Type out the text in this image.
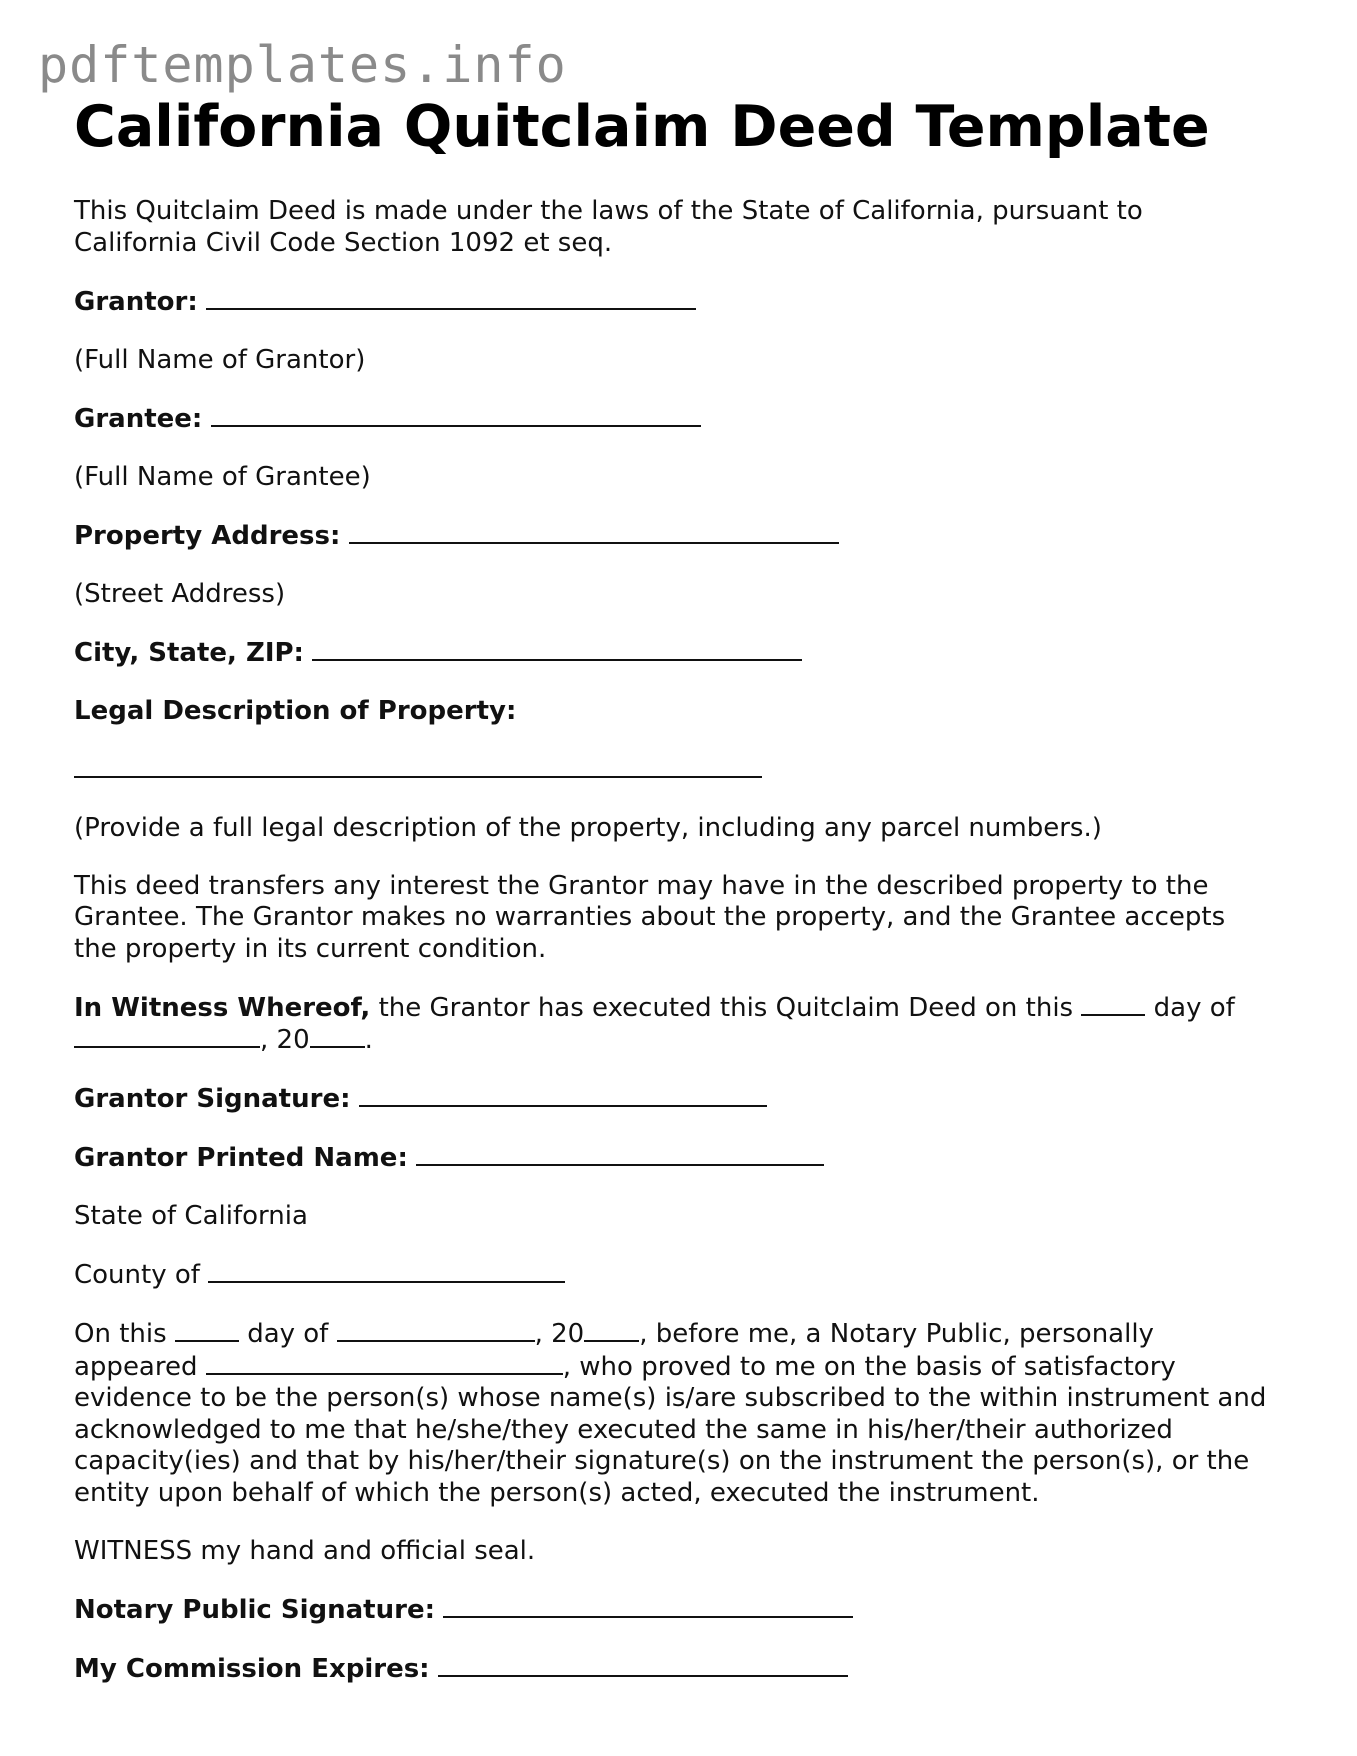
pdftemplates.info
California Quitclaim Deed Template

This Quitclaim Deed is made under the laws of the State of California, pursuant to California Civil Code Section 1092 et seq.

Grantor:

(Full Name of Grantor)

Grantee:

(Full Name of Grantee)

Property Address:

(Street Address)

City, State, ZIP:

Legal Description of Property:

(Provide a full legal description of the property, including any parcel numbers.)

This deed transfers any interest the Grantor may have in the described property to the Grantee. The Grantor makes no warranties about the property, and the Grantee accepts the property in its current condition.

In Witness Whereof, the Grantor has executed this Quitclaim Deed on this	day of
, 20 .

Grantor Signature:

Grantor Printed Name:

State of California

County of

On this	day of	, 20 , before me, a Notary Public, personally appeared	, who proved to me on the basis of satisfactory evidence to be the person(s) whose name(s) is/are subscribed to the within instrument and acknowledged to me that he/she/they executed the same in his/her/their authorized capacity(ies) and that by his/her/their signature(s) on the instrument the person(s), or the entity upon behalf of which the person(s) acted, executed the instrument.

WITNESS my hand and official seal.

Notary Public Signature:

My Commission Expires:
